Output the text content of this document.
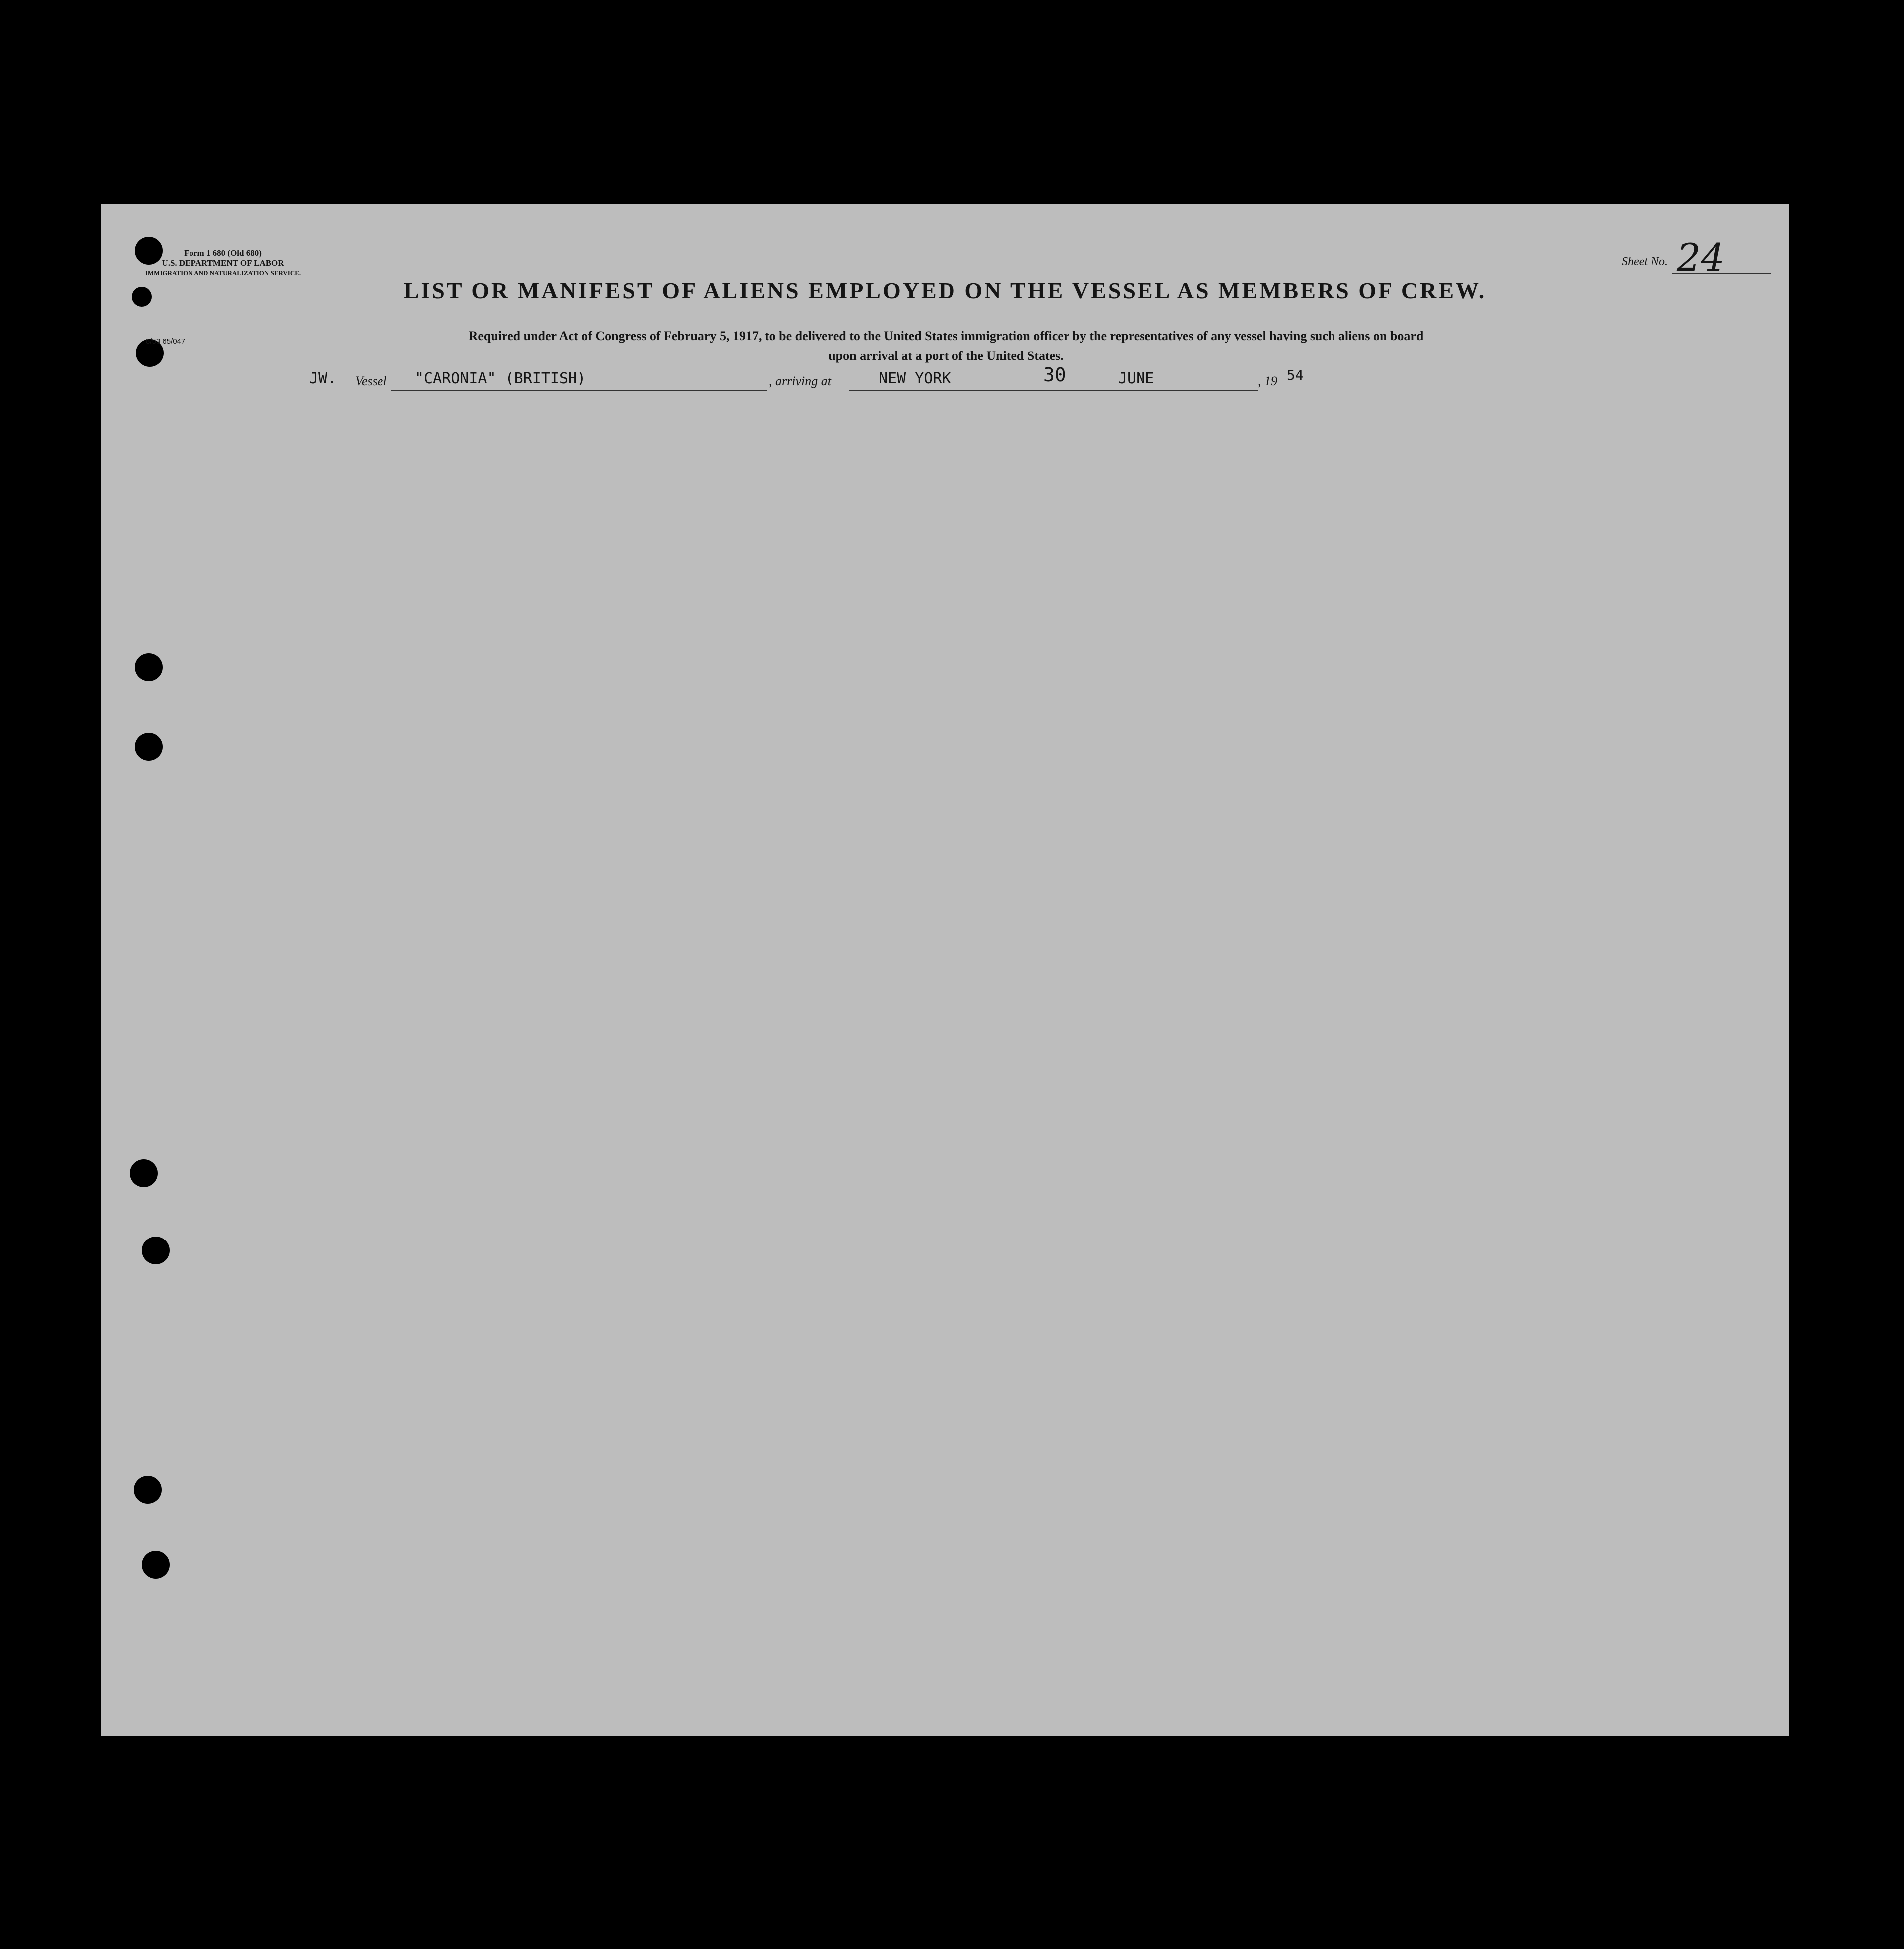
Form 1 680 (Old 680)
U.S. DEPARTMENT OF LABOR
IMMIGRATION AND NATURALIZATION SERVICE.
8/53 65/047
Sheet No. 24
LIST OR MANIFEST OF ALIENS EMPLOYED ON THE VESSEL AS MEMBERS OF CREW.
Required under Act of Congress of February 5, 1917, to be delivered to the United States immigration officer by the representatives of any vessel having such aliens on board
upon arrival at a port of the United States.
JW. Vessel "CARONIA" (BRITISH)	, arriving at	NEW YORK	30	JUNE	, 19 54
